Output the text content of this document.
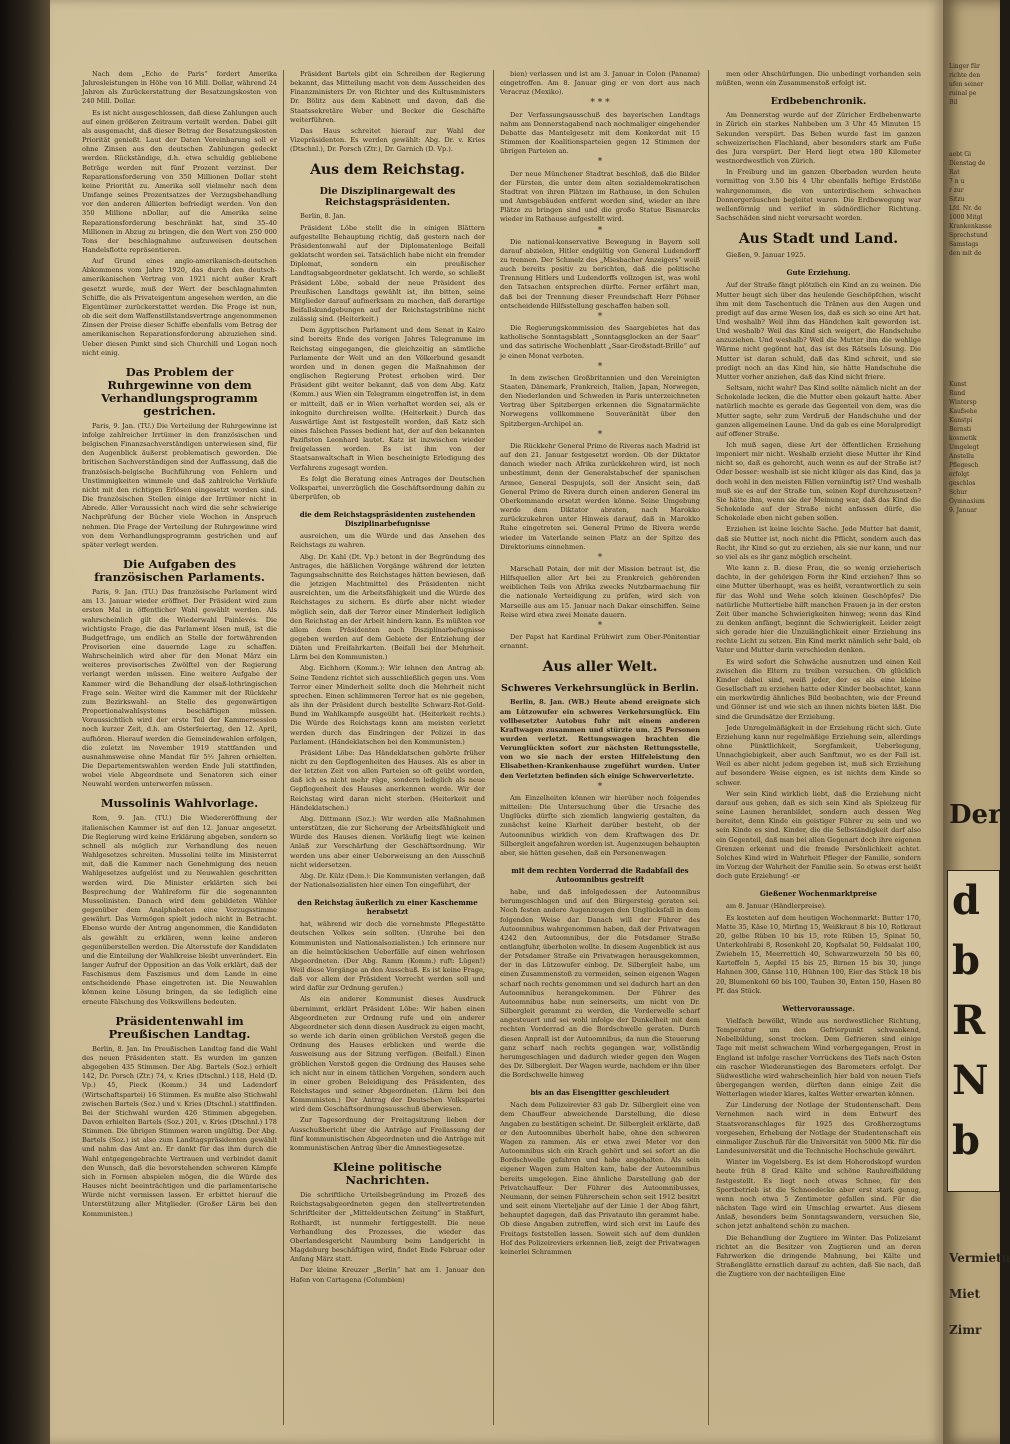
Nach dem „Echo de Paris“ fordert Amerika Jahresleistungen in Höhe von 16 Mill. Dollar, während 24 Jahren als Zurückerstattung der Besatzungskosten von 240 Mill. Dollar.

Es ist nicht ausgeschlossen, daß diese Zahlungen auch auf einen größeren Zeitraum verteilt werden. Dabei gilt als ausgemacht, daß dieser Betrag der Besatzungskosten Priorität genießt. Laut der Daten Vereinbarung soll er ohne Zinsen aus den deutschen Zahlungen gedeckt werden. Rückständige, d.h. etwa schuldig gebliebene Beträge werden mit fünf Prozent verzinst. Der Reparationsforderung von 350 Millionen Dollar steht keine Priorität zu. Amerika soll vielmehr nach dem Umfange seines Prozentsatzes der Verzugsbehandlung vor den anderen Alliierten befriedigt werden. Von den 350 Millione nDollar, auf die Amerika seine Reparationsforderung beschränkt hat, sind 35–40 Millionen in Abzug zu bringen, die den Wert von 250 000 Tons der beschlagnahme aufzuweisen deutschen Handelsflotte repräsentieren.

Auf Grund eines anglo-amerikanisch-deutschen Abkommens vom Jahre 1920, das durch den deutsch-amerikanischen Vertrag von 1921 nicht außer Kraft gesetzt wurde, muß der Wert der beschlagnahmten Schiffe, die als Privateigentum angesehen werden, an die Eigentümer zurückerstattet werden. Die Frage ist nun, ob die seit dem Waffenstillstandsvertrage angenommenen Zinsen der Preise dieser Schiffe ebenfalls vom Betrag der amerikanischen Reparationsforderung abzuziehen sind. Ueber diesen Punkt sind sich Churchill und Logan noch nicht einig.

Das Problem der Ruhrgewinne von dem Verhandlungsprogramm gestrichen.

Paris, 9. Jan. (TU.) Die Verteilung der Ruhrgewinne ist infolge zahlreicher Irrtümer in den französischen und belgischen Finanzsachverständigen unterwiesen sind, für den Augenblick äußerst problematisch geworden. Die britischen Sachverständigen sind der Auffassung, daß die französisch-belgische Buchführung von Fehlern und Unstimmigkeiten wimmele und daß zahlreiche Verkäufe nicht mit den richtigen Erlösen eingesetzt worden sind. Die französischen Stellen einige der Irrtümer nicht in Abrede. Aller Voraussicht nach wird die sehr schwierige Nachprüfung der Bücher viele Wochen in Anspruch nehmen. Die Frage der Verteilung der Ruhrgewinne wird von dem Verhandlungsprogramm gestrichen und auf später verlegt werden.

Die Aufgaben des französischen Parlaments.

Paris, 9. Jan. (TU.) Das französische Parlament wird am 13. Januar wieder eröffnet. Der Präsident wird zum ersten Mal in öffentlicher Wahl gewählt werden. Als wahrscheinlich gilt die Wiederwahl Painlevés. Die wichtigste Frage, die das Parlament lösen muß, ist die Budgetfrage, um endlich an Stelle der fortwährenden Provisorien eine dauernde Lage zu schaffen. Wahrscheinlich wird aber für den Monat März ein weiteres provisorisches Zwölftel von der Regierung verlangt werden müssen. Eine weitere Aufgabe der Kammer wird die Behandlung der elsaß-lothringischen Frage sein. Weiter wird die Kammer mit der Rückkehr zum Bezirkswahl- an Stelle des gegenwärtigen Proportionalwahlsystems beschäftigen müssen. Voraussichtlich wird der erste Teil der Kammersession noch kurzer Zeit, d.h. am Osterfeiertag, den 12. April, aufhören. Hierauf werden die Gemeindewahlen erfolgen, die zuletzt im November 1919 stattfanden und ausnahmsweise ohne Mandat für 5½ Jahren erhielten. Die Departementswahlen werden Ende Juli stattfinden, wobei viele Abgeordnete und Senatoren sich einer Neuwahl werden unterwerfen müssen.

Mussolinis Wahlvorlage.

Rom, 9. Jan. (TU.) Die Wiedereröffnung der italienischen Kammer ist auf den 12. Januar angesetzt. Die Regierung wird keine Erklärung abgeben, sondern so schnell als möglich zur Verhandlung des neuen Wahlgesetzes schreiten. Mussolini teilte im Ministerrat mit, daß die Kammer nach Genehmigung des neuen Wahlgesetzes aufgelöst und zu Neuwahlen geschritten werden wird. Die Minister erklärten sich bei Besprechung der Wahlreform für die sogenannten Mussolinisten. Danach wird dem gebildeten Wähler gegenüber dem Analphabeten eine Vorzugsstimme gewährt. Das Vermögen spielt jedoch nicht in Betracht. Ebenso wurde der Antrag angenommen, die Kandidaten als gewählt zu erklären, wenn keine anderen gegenüberstellen werden. Die Altersstufe der Kandidaten und die Einteilung der Wahlkreise bleibt unverändert. Ein langer Aufruf der Opposition an das Volk erklärt, daß der Faschismus dem Faszismus und dem Lande in eine entscheidende Phase eingetreten ist. Die Neuwahlen können keine Lösung bringen, da sie lediglich eine erneute Fälschung des Volkswillens bedeuten.

Präsidentenwahl im Preußischen Landtag.

Berlin, 8. Jan. Im Preußischen Landtag fand die Wahl des neuen Präsidenten statt. Es wurden im ganzen abgegeben 435 Stimmen. Der Abg. Bartels (Soz.) erhielt 142, Dr. Porsch (Ztr.) 74, v. Kries (Dtschnl.) 118, Held (D. Vp.) 45, Pieck (Komm.) 34 und Ladendorf (Wirtschaftspartei) 16 Stimmen. Es mußte also Stichwahl zwischen Bartels (Soz.) und v. Kries (Dtschnl.) stattfinden. Bei der Stichwahl wurden 426 Stimmen abgegeben. Davon erhielten Bartels (Soz.) 201, v. Kries (Dtschnl.) 178 Stimmen. Die übrigen Stimmen waren ungültig. Der Abg. Bartels (Soz.) ist also zum Landtagspräsidenten gewählt und nahm das Amt an. Er dankt für das ihm durch die Wahl entgegengebrachte Vertrauen und verbindet damit den Wunsch, daß die bevorstehenden schweren Kämpfe sich in Formen abspielen mögen, die die Würde des Hauses nicht beeinträchtigen und die parlamentarische Würde nicht vermissen lassen. Er erbittet hierauf die Unterstützung aller Mitglieder. (Großer Lärm bei den Kommunisten.)

Präsident Bartels gibt ein Schreiben der Regierung bekannt, das Mitteilung macht von dem Ausscheiden des Finanzministers Dr. von Richter und des Kultusministers Dr. Bölitz aus dem Kabinett und davon, daß die Staatssekretäre Weber und Becker die Geschäfte weiterführen.

Das Haus schreitet hierauf zur Wahl der Vizepräsidenten. Es werden gewählt: Abg. Dr. v. Kries (Dtschnl.), Dr. Porsch (Ztr.), Dr. Garnich (D. Vp.).

Aus dem Reichstag.
Die Disziplinargewalt des Reichstagspräsidenten.

Berlin, 8. Jan.

Präsident Löbe stellt die in einigen Blättern aufgestellte Behauptung richtig, daß gestern nach der Präsidentenwahl auf der Diplomatenloge Beifall geklatscht worden sei. Tatsächlich habe nicht ein fremder Diplomat, sondern ein preußischer Landtagsabgeordneter geklatscht. Ich werde, so schließt Präsident Löbe, sobald der neue Präsident des Preußischen Landtags gewählt ist, ihn bitten, seine Mitglieder darauf aufmerksam zu machen, daß derartige Beifallskundgebungen auf der Reichstagstribüne nicht zulässig sind. (Heiterkeit.)

Dem ägyptischen Parlament und dem Senat in Kairo sind bereits Ende des vorigen Jahres Telegramme im Reichstag eingegangen, die gleichzeitig an sämtliche Parlamente der Welt und an den Völkerbund gesandt worden und in denen gegen die Maßnahmen der englischen Regierung Protest erhoben wird. Der Präsident gibt weiter bekannt, daß von dem Abg. Katz (Komm.) aus Wien ein Telegramm eingetroffen ist, in dem er mitteilt, daß er in Wien verhaftet worden sei, als er inkognito durchreisen wollte. (Heiterkeit.) Durch das Auswärtige Amt ist festgestellt worden, daß Katz sich eines falschen Passes bedient hat, der auf den bekannten Pazifisten Leonhard lautet. Katz ist inzwischen wieder freigelassen worden. Es ist ihm von der Staatsanwaltschaft in Wien bescheinigte Erledigung des Verfahrens zugesagt worden.

Es folgt die Beratung eines Antrages der Deutschen Volkspartei, unverzüglich die Geschäftsordnung dahin zu überprüfen, ob

die dem Reichstagspräsidenten zustehenden Disziplinarbefugnisse

ausreichen, um die Würde und das Ansehen des Reichstags zu wahren.

Abg. Dr. Kahl (Dt. Vp.) betont in der Begründung des Antrages, die häßlichen Vorgänge während der letzten Tagungsabschnitte des Reichstages hätten bewiesen, daß die jetzigen Machtmittel des Präsidenten nicht ausreichten, um die Arbeitsfähigkeit und die Würde des Reichstages zu sichern. Es dürfe aber nicht wieder möglich sein, daß der Terror einer Minderheit lediglich den Reichstag an der Arbeit hindern kann. Es müßten vor allem dem Präsidenten auch Disziplinarbefugnisse gegeben werden auf dem Gebiete der Entziehung der Diäten und Freifahrkarten. (Beifall bei der Mehrheit. Lärm bei den Kommunisten.)

Abg. Eichhorn (Komm.): Wir lehnen den Antrag ab. Seine Tendenz richtet sich ausschließlich gegen uns. Vom Terror einer Minderheit sollte doch die Mehrheit nicht sprechen. Einen schlimmeren Terror hat es nie gegeben, als ihn der Präsident durch bestellte Schwarz-Rot-Gold-Bund im Wahlkampfe ausgeübt hat. (Heiterkeit rechts.) Die Würde des Reichstags kann am meisten verletzt werden durch das Eindringen der Polizei in das Parlament. (Händeklatschen bei den Kommunisten.)

Präsident Löbe: Das Händeklatschen gehörte früher nicht zu den Gepflogenheiten des Hauses. Als es aber in der letzten Zeit von allen Parteien so oft geübt worden, daß ich es nicht mehr rüge, sondern lediglich als neue Gepflogenheit des Hauses anerkennen werde. Wir der Reichstag wird daran nicht sterben. (Heiterkeit und Händeklatschen.)

Abg. Dittmann (Soz.): Wir werden alle Maßnahmen unterstützen, die zur Sicherung der Arbeitsfähigkeit und Würde des Hauses dienen. Vorläufig liegt wie keinen Anlaß zur Verschärfung der Geschäftsordnung. Wir werden uns aber einer Ueberweisung an den Ausschuß nicht widersetzen.

Abg. Dr. Külz (Dem.): Die Kommunisten verlangen, daß der Nationalsozialisten hier einen Ton eingeführt, der

den Reichstag äußerlich zu einer Kaschemme herabsetzt

hat, während wir doch die vornehmste Pflegestätte deutschen Volkes sein sollten. (Unruhe bei den Kommunisten und Nationalsozialisten.) Ich erinnere nur an die heimtückischen Ueberfälle auf einen wehrlosen Abgeordneten. (Der Abg. Ramm (Komm.) ruft: Lügen!) Weil diese Vorgänge an den Ausschuß. Es ist keine Frage, daß vor allem der Präsident Vorrecht werden soll und wird dafür zur Ordnung gerufen.)

Als ein anderer Kommunist dieses Ausdruck übernimmt, erklärt Präsident Löbe: Wir haben einen Abgeordneten zur Ordnung rufe und ein anderer Abgeordneter sich denn diesen Ausdruck zu eigen macht, so werde ich darin einen gröblichen Verstoß gegen die Ordnung des Hauses erblicken und werde die Ausweisung aus der Sitzung verfügen. (Beifall.) Einen gröblichen Verstoß gegen die Ordnung des Hauses sehe ich nicht nur in einem tätlichen Vorgehen, sondern auch in einer groben Beleidigung des Präsidenten, des Reichstages und seiner Abgeordneten. (Lärm bei den Kommunisten.) Der Antrag der Deutschen Volkspartei wird dem Geschäftsordnungsausschuß überwiesen.

Zur Tagesordnung der Freitagsitzung lieben der Ausschußbericht über die Anträge auf Freilassung der fünf kommunistischen Abgeordneten und die Anträge mit kommunistischen Antrag über die Amnestiegesetze.

Kleine politische Nachrichten.

Die schriftliche Urteilsbegründung im Prozeß des Reichstagsabgeordneten gegen den stellvertretenden Schriftleiter der „Mitteldeutschen Zeitung“ in Staßfurt, Rothardt, ist nunmehr fertiggestellt. Die neue Verhandlung des Prozesses, die wieder das Oberlandesgericht Naumburg beim Landgericht in Magdeburg beschäftigen wird, findet Ende Februar oder Anfang März statt.

Der kleine Kreuzer „Berlin“ hat am 1. Januar den Hafen von Cartagena (Columbien)

bien) verlassen und ist am 3. Januar in Colon (Panama) eingetroffen. Am 8. Januar ging er von dort aus nach Veracruz (Mexiko).

* * *

Der Verfassungsausschuß des bayerischen Landtags nahm am Donnerstagabend nach nochmaliger eingehender Debatte das Mantelgesetz mit dem Konkordat mit 15 Stimmen der Koalitionsparteien gegen 12 Stimmen der übrigen Parteien an.

*

Der neue Münchener Stadtrat beschloß, daß die Bilder der Fürsten, die unter dem alten sozialdemokratischen Stadtrat von ihren Plätzen im Rathause, in den Schulen und Amtsgebäuden entfernt worden sind, wieder an ihre Plätze zu bringen sind und die große Statue Bismarcks wieder im Rathause aufgestellt wird.

*

Die national-konservative Bewegung in Bayern soll darauf abzielen, Hitler endgültig von General Ludendorff zu trennen. Der Schmelz des „Miesbacher Anzeigers“ weiß auch bereits positiv zu berichten, daß die politische Trennung Hitlers und Ludendorffs vollzogen ist, was wohl den Tatsachen entsprechen dürfte. Ferner erfährt man, daß bei der Trennung dieser Freundschaft Herr Pöhner entscheidende Hilfsstellung geschaffen haben soll.

*

Die Regierungskommission des Saargebietes hat das katholische Sonntagsblatt „Sonntagsglocken an der Saar“ und das satirische Wochenblatt „Saar-Großstadt-Brille“ auf je einen Monat verboten.

*

In dem zwischen Großbritannien und den Vereinigten Staaten, Dänemark, Frankreich, Italien, Japan, Norwegen, den Niederlanden und Schweden in Paris unterzeichneten Vertrag über Spitzbergen erkennen die Signatarmächte Norwegens vollkommene Souveränität über den Spitzbergen-Archipel an.

*

Die Rückkehr General Primo de Riveras nach Madrid ist auf den 21. Januar festgesetzt worden. Ob der Diktator danach wieder nach Afrika zurückkehren wird, ist noch unbestimmt, denn der Generalstabschef der spanischen Armee, General Despujols, soll der Ansicht sein, daß General Primo de Rivera durch einen anderen General im Oberkommando ersetzt werden könne. Seine Umgebung werde dem Diktator abraten, nach Marokko zurückzukehren unter Hinweis darauf, daß in Marokko Ruhe eingetreten sei. General Primo de Rivera werde wieder im Vaterlande seinen Platz an der Spitze des Direktoriums einnehmen.

*

Marschall Potain, der mit der Mission betraut ist, die Hilfsquellen aller Art bei zu Frankreich gehörenden weiblichen Teils von Afrika zwecks Nutzbarmachung für die nationale Verteidigung zu prüfen, wird sich von Marseille aus am 15. Januar nach Dakar einschiffen. Seine Reise wird etwa zwei Monate dauern.

*

Der Papst hat Kardinal Frühwirt zum Ober-Pönitentiar ernannt.

Aus aller Welt.
Schweres Verkehrsunglück in Berlin.

Berlin, 8. Jan. (WB.) Heute abend ereignete sich am Lützowufer ein schweres Verkehrsunglück. Ein vollbesetzter Autobus fuhr mit einem anderen Kraftwagen zusammen und stürzte um. 25 Personen wurden verletzt. Rettungswagen brachten die Verunglückten sofort zur nächsten Rettungsstelle, von wo sie nach der ersten Hilfeleistung den Elisabethen-Krankenhause zugeführt wurden. Unter den Verletzten befinden sich einige Schwerverletzte.

*

Am Einzelheiten können wir hierüber noch folgendes mitteilen: Die Untersuchung über die Ursache des Unglücks dürfte sich ziemlich langwierig gestalten, da zunächst keine Klarheit darüber besteht, ob der Autoomnibus wirklich von dem Kraftwagen des Dr. Silbergleit angefahren worden ist. Augenzeugen behaupten aber, sie hätten gesehen, daß ein Personenwagen

mit dem rechten Vorderrad die Radabfall des Autoomnibus gestreift

habe, und daß infolgedessen der Autoomnibus herumgeschlagen und auf den Bürgersteig geraten sei. Noch festen andere Augenzeugen den Unglücksfall in dem folgenden Weise dar. Danach will der Führer des Autoomnibus wahrgenommen haben, daß der Privatwagen 4242 den Autoomnibus, der die Potsdamer Straße entlangfuhr, überholen wollte. In diesem Augenblick ist aus der Potsdamer Straße ein Privatwagen herausgekommen, der in das Lützowufer einbog. Dr. Silbergleit habe, um einen Zusammenstoß zu vermeiden, seinen eigenen Wagen scharf nach rechts genommen und sei dadurch hart an den Autoomnibus herangekommen. Der Führer des Autoomnibus habe nun seinerseits, um nicht von Dr. Silbergleit gerammt zu werden, die Vorderwelle scharf angesteuert und sei wohl infolge der Dunkelheit mit dem rechten Vorderrad an die Bordschwelle geraten. Durch diesen Anprall ist der Autoomnibus, da nun die Steuerung ganz scharf nach rechts gegangen war, vollständig herumgeschlagen und dadurch wieder gegen den Wagen des Dr. Silbergleit. Der Wagen wurde, nachdem er ihn über die Bordschwelle hinweg

bis an das Eisengitter geschleudert

Nach dem Polizeirevier 83 gab Dr. Silbergleit eine von dem Chauffeur abweichende Darstellung, die diese Angaben zu bestätigen scheint. Dr. Silbergleit erklärte, daß er den Autoomnibus überholt habe, ohne den schweren Wagen zu rammen. Als er etwa zwei Meter vor den Autoomnibus sich ein Krach gehört und sei sofort an die Bordschwelle gefahren und habe angehalten. Als sein eigener Wagen zum Halten kam, habe der Autoomnibus bereits umgelegen. Eine ähnliche Darstellung gab der Privatchauffeur. Der Führer des Autoomnibusses, Neumann, der seinen Führerschein schon seit 1912 besitzt und seit einem Vierteljahr auf der Linie 1 der Abog fährt, behauptet dagegen, daß das Privatauto ihn gerammt habe. Ob diese Angaben zutreffen, wird sich erst im Laufe des Freitags feststellen lassen. Soweit sich auf dem dunklen Hof des Polizeireviers erkennen ließ, zeigt der Privatwagen keinerlei Schrammen

men oder Abschürfungen. Die unbedingt vorhanden sein müßten, wenn ein Zusammenstoß erfolgt ist.

Erdbebenchronik.

Am Donnerstag wurde auf der Züricher Erdbebenwarte in Zürich ein starkes Nahbeben um 3 Uhr 45 Minuten 15 Sekunden verspürt. Das Beben wurde fast im ganzen schweizerischen Flachland, aber besonders stark am Fuße des Jura verspürt. Der Herd liegt etwa 180 Kilometer westnordwestlich von Zürich.

In Freiburg und im ganzen Oberbaden wurden heute vormittag von 3.50 bis 4 Uhr ebenfalls heftige Erdstöße wahrgenommen, die von unterirdischem schwachen Donnergeräuschen begleitet waren. Die Erdbewegung war wellenförmig und verlief in südnördlicher Richtung. Sachschäden sind nicht verursacht worden.

Aus Stadt und Land.

Gießen, 9. Januar 1925.

Gute Erziehung.

Auf der Straße fängt plötzlich ein Kind an zu weinen. Die Mutter beugt sich über das heulende Geschöpfchen, wischt ihm mit dem Taschentuch die Tränen aus den Augen und predigt auf das arme Wesen los, daß es sich so eine Art hat. Und weshalb? Weil ihm das Händchen kalt geworden ist. Und weshalb? Weil das Kind sich weigert, die Handschuhe anzuziehen. Und weshalb? Weil die Mutter ihm die wohlige Wärme nicht gegönnt hat, das ist des Rätsels Lösung. Die Mutter ist daran schuld, daß das Kind schreit, und sie predigt noch an das Kind hin, sie hätte Handschuhe die Mutter vorher anziehen, daß das Kind nicht friere.

Seltsam, nicht wahr? Das Kind sollte nämlich nicht an der Schokolade lecken, die die Mutter eben gekauft hatte. Aber natürlich machte es gerade das Gegenteil von dem, was die Mutter sagte, sehr zum Verdruß der Handschuhe und der ganzen allgemeinen Laune. Und da gab es eine Moralpredigt auf offener Straße.

Ich muß sagen, diese Art der öffentlichen Erziehung imponiert mir nicht. Weshalb erzieht diese Mutter ihr Kind nicht so, daß es gehorcht, auch wenn es auf der Straße ist? Oder besser: weshalb ist sie nicht klüger als das Kind, das ja doch wohl in den meisten Fällen vernünftig ist? Und weshalb muß sie es auf der Straße tun, seinen Kopf durchzusetzen? Sie hätte ihm, wenn sie der Meinung war, daß das Kind die Schokolade auf der Straße nicht anfassen dürfe, die Schokolade eben nicht geben sollen.

Erziehen ist keine leichte Sache. Jede Mutter hat damit, daß sie Mutter ist, noch nicht die Pflicht, sondern auch das Recht, ihr Kind so gut zu erziehen, als sie nur kann, und nur so viel als es ihr ganz möglich erscheint.

Wie kann z. B. diese Frau, die so wenig erzieherisch dachte, in der gehörigen Form ihr Kind erziehen? Ihm so eine Mutter überhaupt, was es heißt, verantwortlich zu sein für das Wohl und Wehe solch kleinen Geschöpfes? Die natürliche Muttertiebe hilft manchen Frauen ja in der ersten Zeit über manche Schwierigkeiten hinweg; wenn das Kind zu denken anfängt, beginnt die Schwierigkeit. Leider zeigt sich gerade hier die Unzulänglichkeit einer Erziehung ins rechte Licht zu setzen. Ein Kind merkt nämlich sehr bald, ob Vater und Mutter darin verschieden denken.

Es wird sofort die Schwäche ausnutzen und einen Keil zwischen die Eltern zu treiben versuchen. Ob glücklich Kinder dabei sind, weiß jeder, der es als eine kleine Gesellschaft zu erziehen hatte oder Kinder beobachtet, kann ein merkwürdig ähnliches Bild beobachten, wie der Freund und Gönner ist und wie sich an ihnen nichts bieten läßt. Die sind die Grundsätze der Erziehung.

Jede Unregelmäßigkeit in der Erziehung rächt sich. Gute Erziehung kann nur regelmäßige Erziehung sein, allerdings ohne Pünktlichkeit, Sorgfamkeit, Ueberlegung, Unnachgiebigkeit, aber auch Sanftmut, wo es der Fall ist. Weil es aber nicht jedem gegeben ist, muß sich Erziehung auf besondere Weise eignen, es ist nichts dem Kinde so schwer.

Wer sein Kind wirklich liebt, daß die Erziehung nicht darauf aus gehen, daß es sich sein Kind als Spielzeug für seine Launen heranbildet, sondern auch dessen Weg bereitet, denn Kinde ein geistiger Führer zu sein und wo sein Kinde es sind. Kinder, die die Selbständigkeit darf also ein Gegenteil, daß man bei allen Gegenart doch ihre eigenen Grenzen erkennt und die fremde Persönlichkeit achtet. Solches Kind wird in Wahrheit Pfleger der Familie, sondern im Vorzug der Wahrheit der Familie sein. So etwas erst heißt doch gute Erziehung! -er

Gießener Wochenmarktpreise

am 8. Januar (Händlerpreise).

Es kosteten auf dem heutigen Wochenmarkt: Butter 170, Matte 35, Käse 10, Mirfing 15, Weißkraut 8 bis 10, Rotkraut 20, gelbe Rüben 10 bis 15, rote Rüben 15, Spinat 50, Unterkohlrabi 8, Rosenkohl 20, Kopfsalat 50, Feldsalat 100, Zwiebeln 15, Meerrettich 40, Schwarzwurzeln 50 bis 60, Kartoffeln 5, Aepfel 15 bis 25, Birnen 15 bis 30, junge Hahnen 300, Gänse 110, Hühnen 100, Eier das Stück 18 bis 20, Blumenkohl 60 bis 100, Tauben 30, Enten 150, Hasen 80 Pf. das Stück.

Wettervoraussage.

Vielfach bewölkt, Winde aus nordwestlicher Richtung, Temperatur um den Gefrierpunkt schwankend, Nebelbildung, sonst trocken. Dem Gefrieren sind einige Tage mit meist schwachem Wind vorhergegangen, Frost in England ist infolge rascher Vorrückens des Tiefs nach Osten ein rascher Wiederanstiegen des Barometers erfolgt. Der Südwestliche wird wahrscheinlich hier bald von neuen Tiefs übergegangen werden, dürften dann einige Zeit die Wetterlagen wieder klares, kaltes Wetter erwarten können.

Zur Linderung der Notlage der Studentenschaft. Dem Vernehmen nach wird in dem Entwurf des Staatsvoranschlages für 1925 des Großherzogtums vorgesehen, Erhebung der Notlage der Studentenschaft ein einmaliger Zuschuß für die Universität von 5000 Mk. für die Landesuniversität und die Technische Hochschule gewährt.

Winter im Vogelsberg. Es ist dem Hoherodskopf wurden heute früh 8 Grad Kälte und schöne Rauhreifbildung festgestellt. Es liegt noch etwas Schnee, für den Sportbetrieb ist die Schneedecke aber erst stark genug, wenn noch etwa 5 Zentimeter gefallen sind. Für die nächsten Tage wird ein Umschlag erwartet. Aus diesem Anlaß, besonders beim Sonntagswandern, versuchen Sie, schon jetzt anhaltend schön zu machen.

Die Behandlung der Zugtiere im Winter. Das Polizeiamt richtet an die Besitzer von Zugtieren und an deren Fahrwerken die dringende Mahnung, bei Kälte und Straßenglätte ernstlich darauf zu achten, daß Sie nach, daß die Zugtiere von der nachteiligen Eine

Linger für
richte den
ufen seiner
ruinal pe
Bil
aebt Gi
Dienstag de
Rat
7 n u
r zur
Sitzu
Lfd. Nr. de
1000 Mitgl
Krankenkasse
Sprechstund
Samstags
den mit de
Kunst
Rund
Wintersp
Kaufsehe
Kunstpi
Bernsti
kosmetik
Umgelegt
Anstellu
Pflegesch
erfolgt
geschlos
Schur
Gymnasium
9. Januar
Der
d
b
R
N
b
Vermietu
Miet
Zimr
